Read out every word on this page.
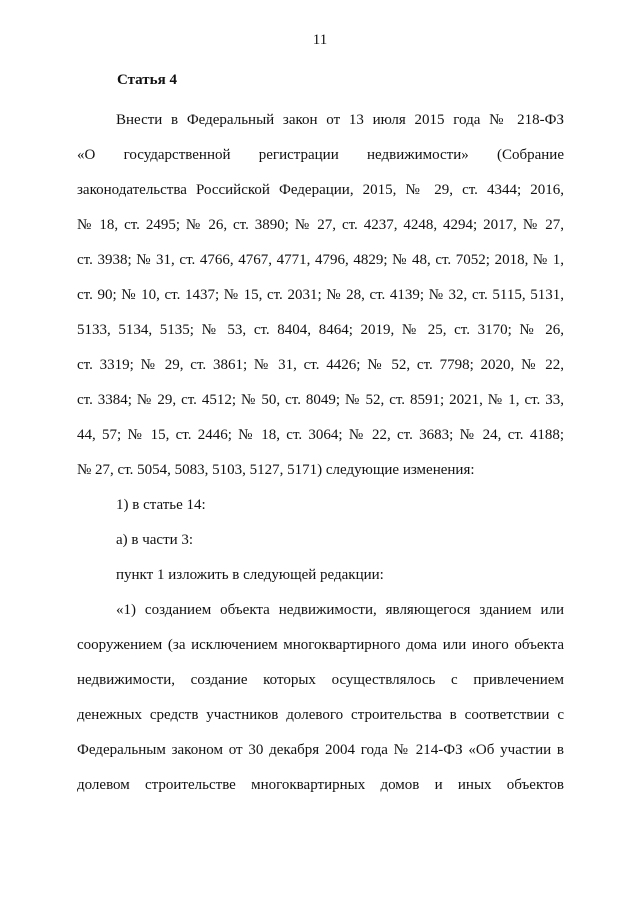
11
Статья 4
Внести в Федеральный закон от 13 июля 2015 года № 218-ФЗ
«О государственной регистрации недвижимости» (Собрание
законодательства Российской Федерации, 2015, № 29, ст. 4344; 2016,
№ 18, ст. 2495; № 26, ст. 3890; № 27, ст. 4237, 4248, 4294; 2017, № 27,
ст. 3938; № 31, ст. 4766, 4767, 4771, 4796, 4829; № 48, ст. 7052; 2018, № 1,
ст. 90; № 10, ст. 1437; № 15, ст. 2031; № 28, ст. 4139; № 32, ст. 5115, 5131,
5133, 5134, 5135; № 53, ст. 8404, 8464; 2019, № 25, ст. 3170; № 26,
ст. 3319; № 29, ст. 3861; № 31, ст. 4426; № 52, ст. 7798; 2020, № 22,
ст. 3384; № 29, ст. 4512; № 50, ст. 8049; № 52, ст. 8591; 2021, № 1, ст. 33,
44, 57; № 15, ст. 2446; № 18, ст. 3064; № 22, ст. 3683; № 24, ст. 4188;
№ 27, ст. 5054, 5083, 5103, 5127, 5171) следующие изменения:
1) в статье 14:
а) в части 3:
пункт 1 изложить в следующей редакции:
«1) созданием объекта недвижимости, являющегося зданием или
сооружением (за исключением многоквартирного дома или иного объекта
недвижимости, создание которых осуществлялось с привлечением
денежных средств участников долевого строительства в соответствии с
Федеральным законом от 30 декабря 2004 года № 214-ФЗ «Об участии в
долевом строительстве многоквартирных домов и иных объектов
